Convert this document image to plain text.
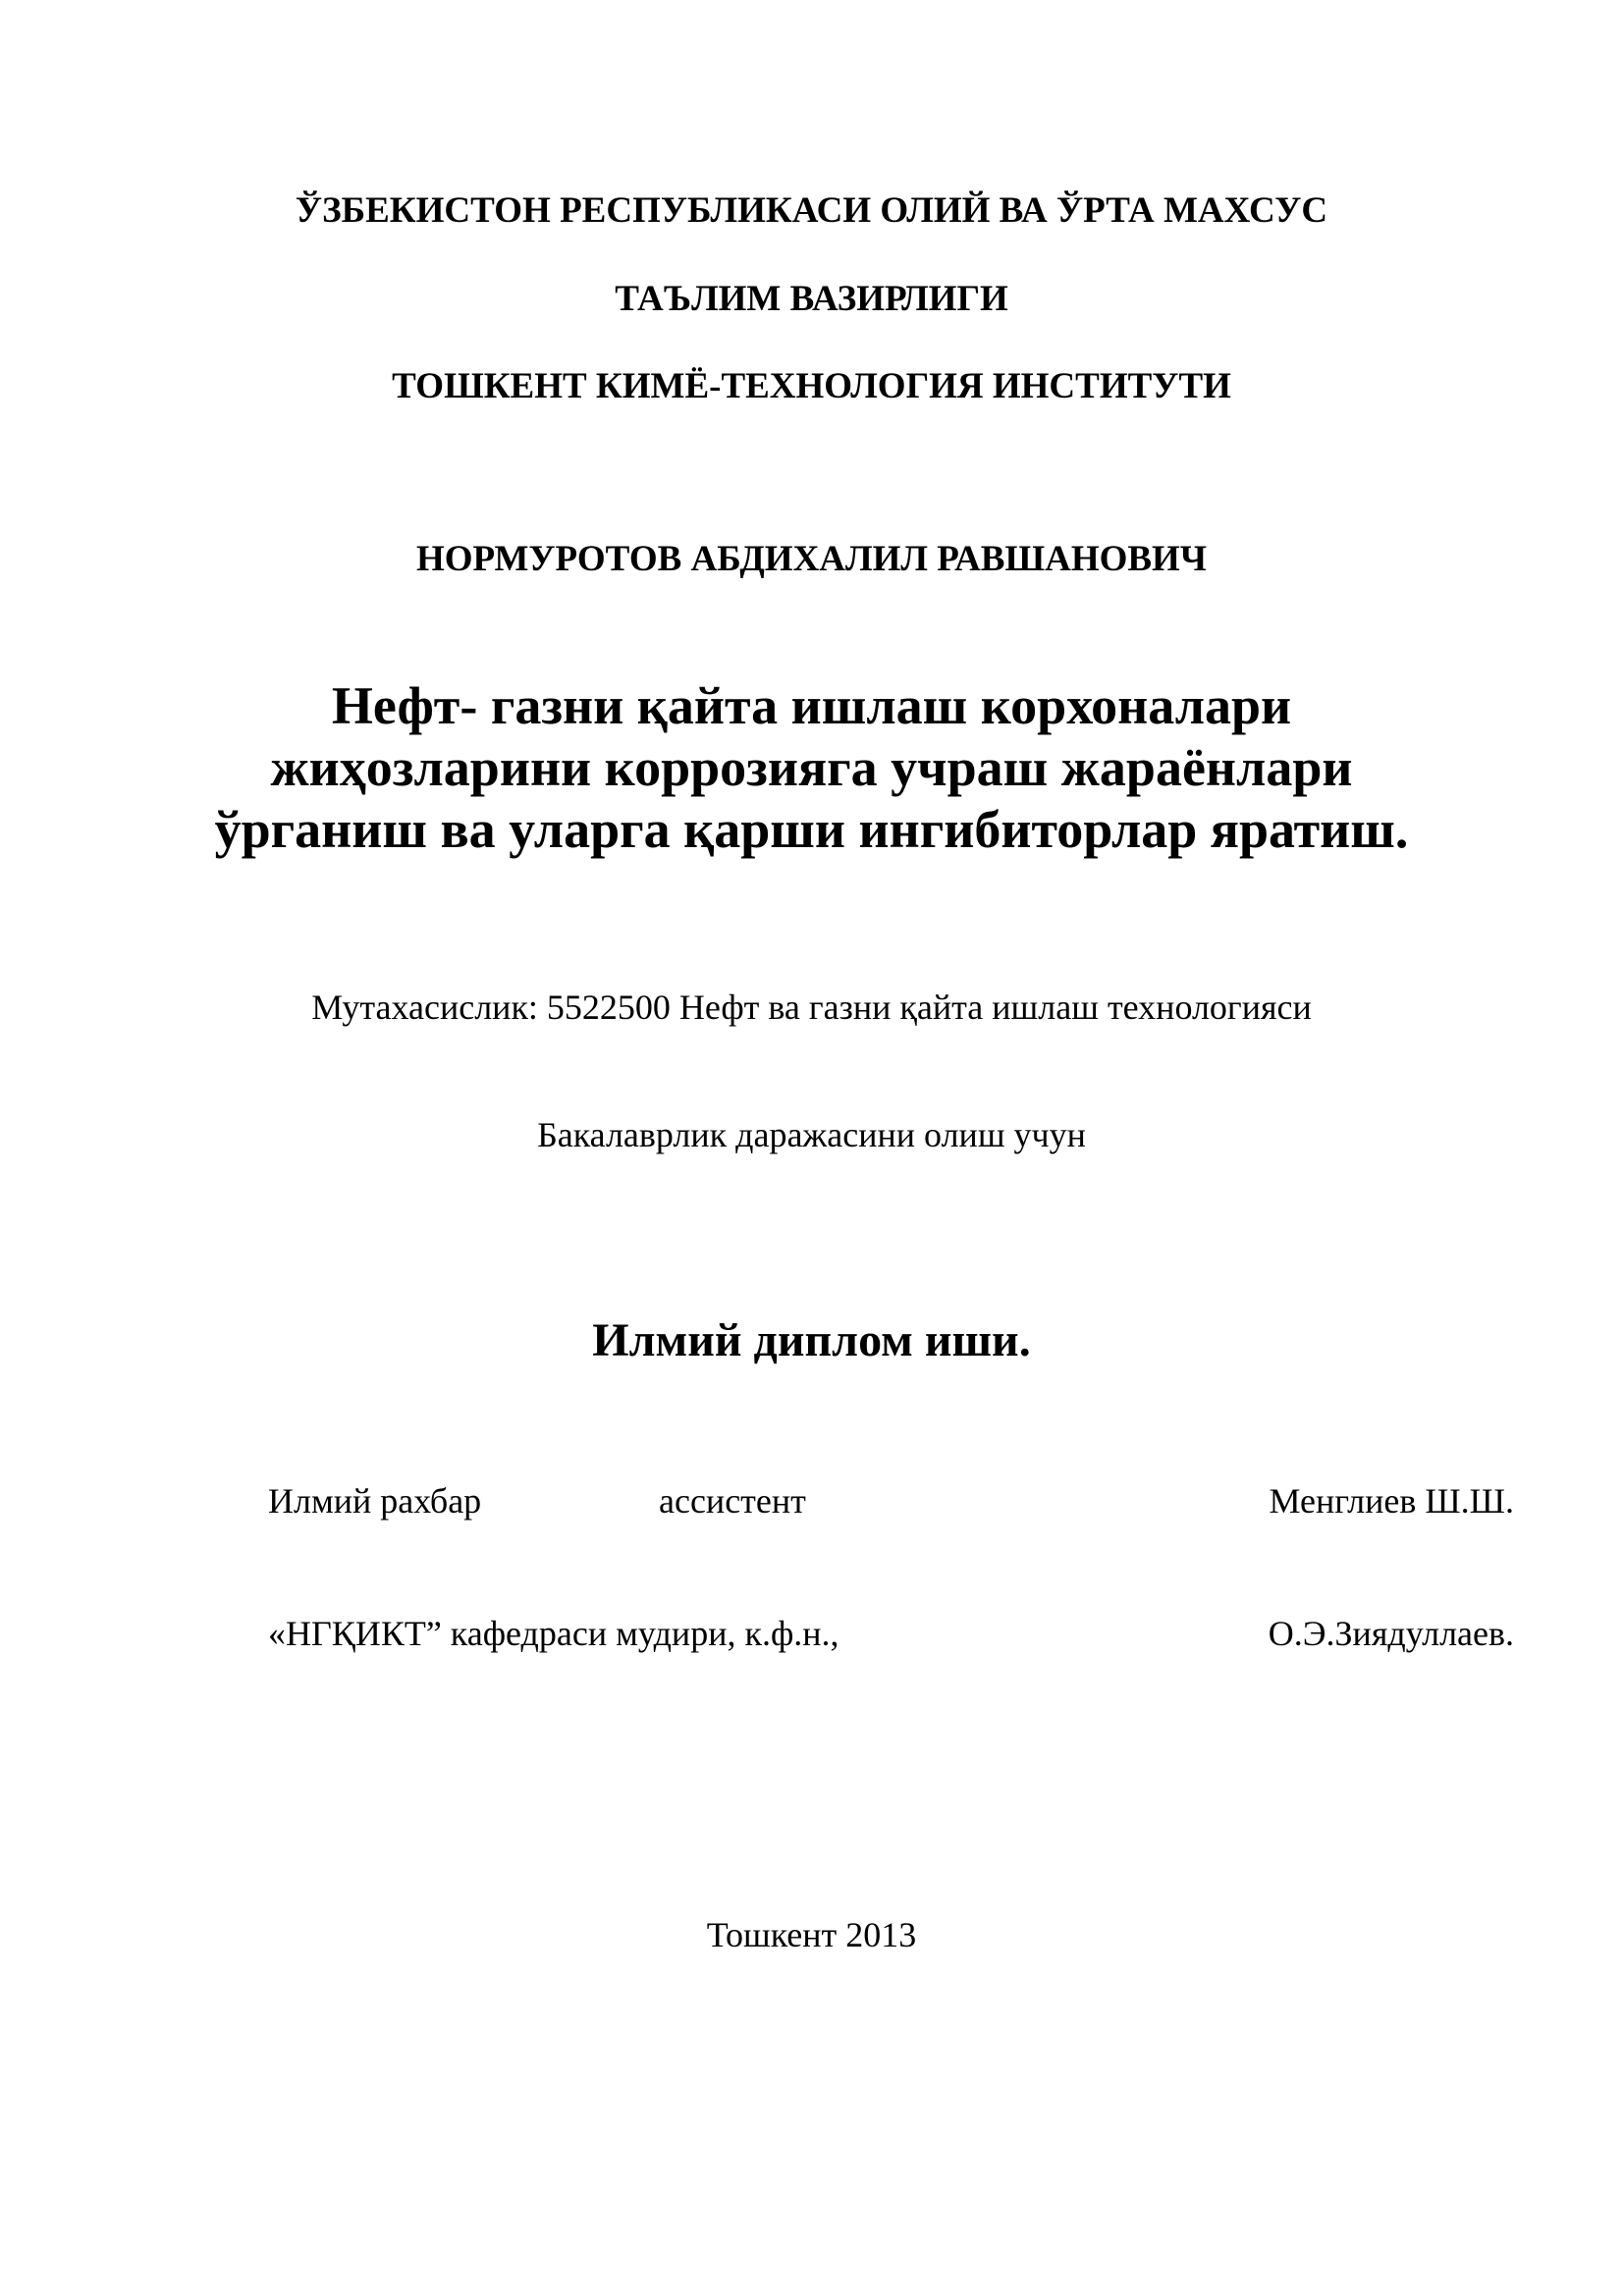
ЎЗБЕКИСТОН РЕСПУБЛИКАСИ ОЛИЙ ВА ЎРТА МАХСУС

ТАЪЛИМ ВАЗИРЛИГИ

ТОШКЕНТ КИМЁ-ТЕХНОЛОГИЯ ИНСТИТУТИ

НОРМУРОТОВ АБДИХАЛИЛ РАВШАНОВИЧ

Нефт- газни қайта ишлаш корхоналари

жиҳозларини коррозияга учраш жараёнлари

ўрганиш ва уларга қарши ингибиторлар яратиш.

Мутахасислик: 5522500 Нефт ва газни қайта ишлаш технологияси

Бакалаврлик даражасини олиш учун

Илмий диплом иши.

Илмий рахбар	ассистент	Менглиев Ш.Ш.

«НГҚИКТ” кафедраси мудири, к.ф.н.,	О.Э.Зиядуллаев.

Тошкент 2013
